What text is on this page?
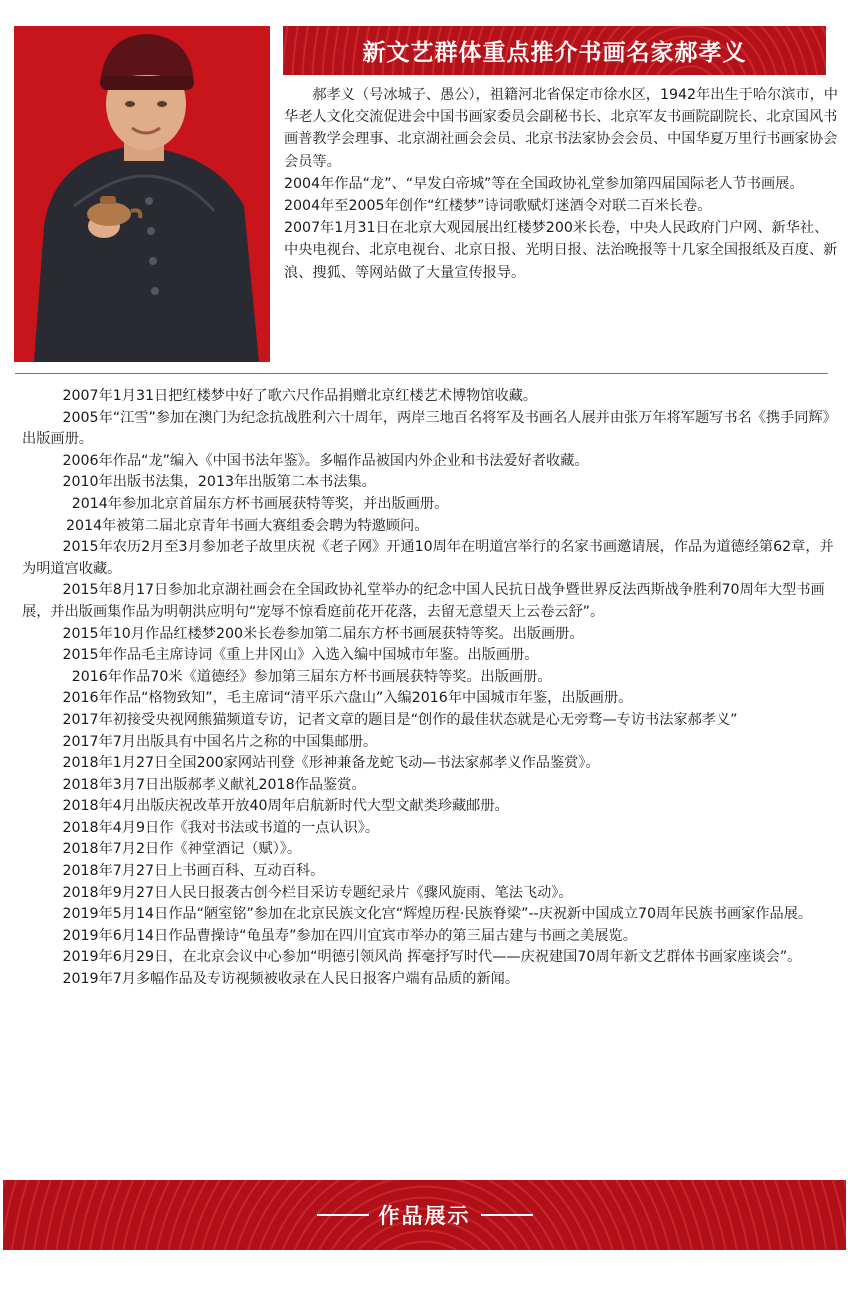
新文艺群体重点推介书画名家郝孝义

郝孝义（号冰城子、愚公），祖籍河北省保定市徐水区，1942年出生于哈尔滨市，中华老人文化交流促进会中国书画家委员会副秘书长、北京军友书画院副院长、北京国风书画普教学会理事、北京湖社画会会员、北京书法家协会会员、中国华夏万里行书画家协会会员等。

2004年作品“龙”、“早发白帝城”等在全国政协礼堂参加第四届国际老人节书画展。

2004年至2005年创作“红楼梦”诗词歌赋灯迷酒令对联二百米长卷。

2007年1月31日在北京大观园展出红楼梦200米长卷，中央人民政府门户网、新华社、中央电视台、北京电视台、北京日报、光明日报、法治晚报等十几家全国报纸及百度、新浪、搜狐、等网站做了大量宣传报导。

2007年1月31日把红楼梦中好了歌六尺作品捐赠北京红楼艺术博物馆收藏。

2005年“江雪”参加在澳门为纪念抗战胜利六十周年，两岸三地百名将军及书画名人展并由张万年将军题写书名《携手同辉》出版画册。

2006年作品“龙”编入《中国书法年鉴》。多幅作品被国内外企业和书法爱好者收藏。

2010年出版书法集，2013年出版第二本书法集。

2014年参加北京首届东方杯书画展获特等奖，并出版画册。

2014年被第二届北京青年书画大赛组委会聘为特邀顾问。

2015年农历2月至3月参加老子故里庆祝《老子网》开通10周年在明道宫举行的名家书画邀请展，作品为道德经第62章，并为明道宫收藏。

2015年8月17日参加北京湖社画会在全国政协礼堂举办的纪念中国人民抗日战争暨世界反法西斯战争胜利70周年大型书画展，并出版画集作品为明朝洪应明句“宠辱不惊看庭前花开花落，去留无意望天上云卷云舒”。

2015年10月作品红楼梦200米长卷参加第二届东方杯书画展获特等奖。出版画册。

2015年作品毛主席诗词《重上井冈山》入选入编中国城市年鉴。出版画册。

2016年作品70米《道德经》参加第三届东方杯书画展获特等奖。出版画册。

2016年作品“格物致知”，毛主席词“清平乐六盘山”入编2016年中国城市年鉴，出版画册。

2017年初接受央视网熊猫频道专访，记者文章的题目是“创作的最佳状态就是心无旁骛—专访书法家郝孝义”

2017年7月出版具有中国名片之称的中国集邮册。

2018年1月27日全国200家网站刊登《形神兼备龙蛇飞动—书法家郝孝义作品鉴赏》。

2018年3月7日出版郝孝义献礼2018作品鉴赏。

2018年4月出版庆祝改革开放40周年启航新时代大型文献类珍藏邮册。

2018年4月9日作《我对书法或书道的一点认识》。

2018年7月2日作《神堂酒记（赋）》。

2018年7月27日上书画百科、互动百科。

2018年9月27日人民日报袭古创今栏目采访专题纪录片《骤风旋雨、笔法飞动》。

2019年5月14日作品“陋室铭”参加在北京民族文化宫“辉煌历程·民族脊梁”--庆祝新中国成立70周年民族书画家作品展。

2019年6月14日作品曹操诗“龟虽寿”参加在四川宜宾市举办的第三届古建与书画之美展览。

2019年6月29日，在北京会议中心参加“明德引领风尚 挥毫抒写时代——庆祝建国70周年新文艺群体书画家座谈会”。

2019年7月多幅作品及专访视频被收录在人民日报客户端有品质的新闻。

作品展示
